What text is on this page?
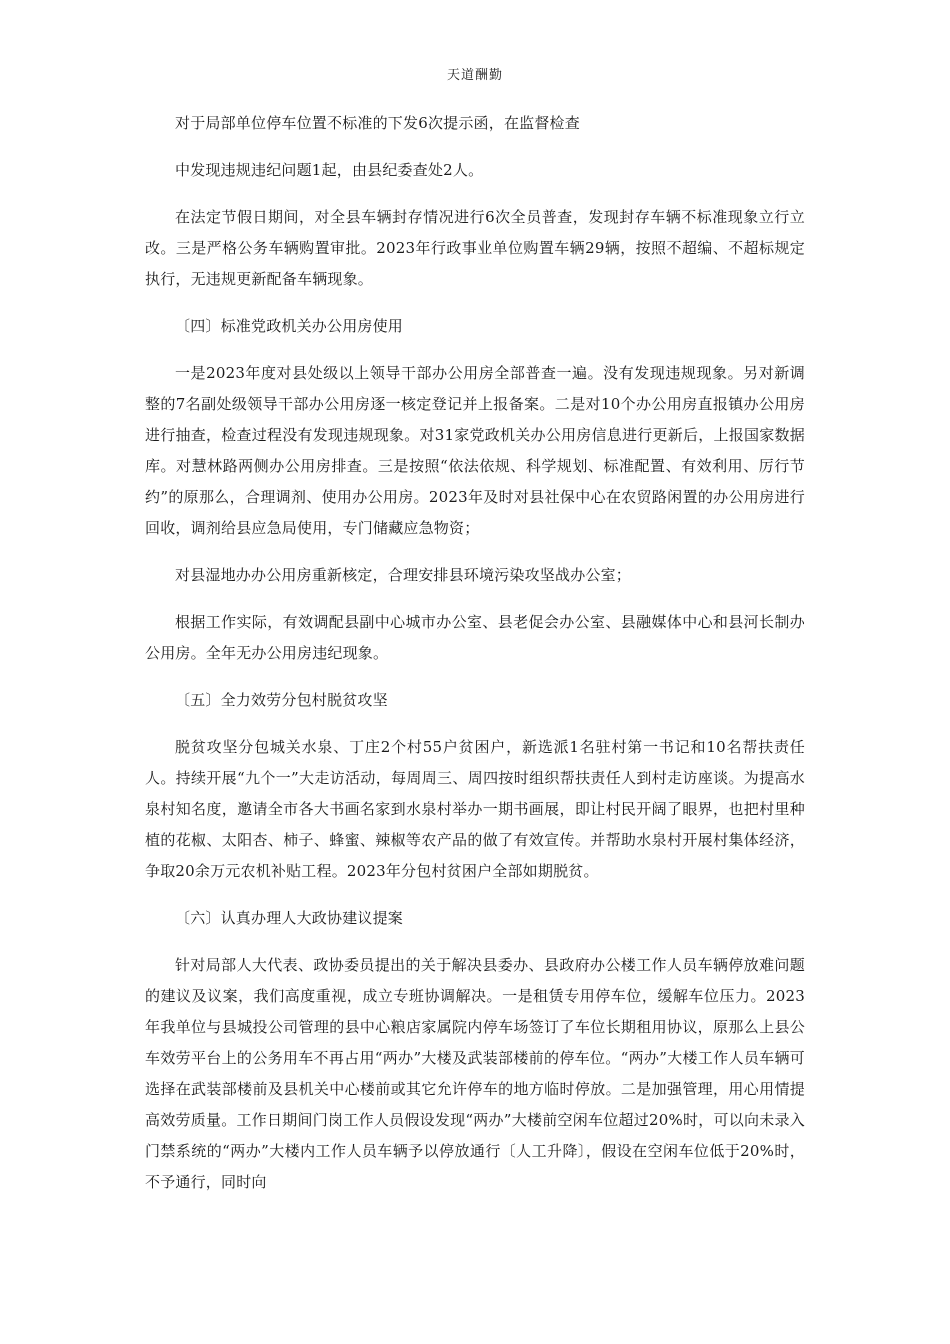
天道酬勤

对于局部单位停车位置不标准的下发6次提示函，在监督检查

中发现违规违纪问题1起，由县纪委查处2人。

在法定节假日期间，对全县车辆封存情况进行6次全员普查，发现封存车辆不标准现象立行立改。三是严格公务车辆购置审批。2023年行政事业单位购置车辆29辆，按照不超编、不超标规定执行，无违规更新配备车辆现象。

〔四〕标准党政机关办公用房使用

一是2023年度对县处级以上领导干部办公用房全部普查一遍。没有发现违规现象。另对新调整的7名副处级领导干部办公用房逐一核定登记并上报备案。二是对10个办公用房直报镇办公用房进行抽查，检查过程没有发现违规现象。对31家党政机关办公用房信息进行更新后，上报国家数据库。对慧林路两侧办公用房排查。三是按照“依法依规、科学规划、标准配置、有效利用、厉行节约”的原那么，合理调剂、使用办公用房。2023年及时对县社保中心在农贸路闲置的办公用房进行回收，调剂给县应急局使用，专门储藏应急物资；

对县湿地办办公用房重新核定，合理安排县环境污染攻坚战办公室；

根据工作实际，有效调配县副中心城市办公室、县老促会办公室、县融媒体中心和县河长制办公用房。全年无办公用房违纪现象。

〔五〕全力效劳分包村脱贫攻坚

脱贫攻坚分包城关水泉、丁庄2个村55户贫困户，新选派1名驻村第一书记和10名帮扶责任人。持续开展“九个一”大走访活动，每周周三、周四按时组织帮扶责任人到村走访座谈。为提高水泉村知名度，邀请全市各大书画名家到水泉村举办一期书画展，即让村民开阔了眼界，也把村里种植的花椒、太阳杏、柿子、蜂蜜、辣椒等农产品的做了有效宣传。并帮助水泉村开展村集体经济，争取20余万元农机补贴工程。2023年分包村贫困户全部如期脱贫。

〔六〕认真办理人大政协建议提案

针对局部人大代表、政协委员提出的关于解决县委办、县政府办公楼工作人员车辆停放难问题的建议及议案，我们高度重视，成立专班协调解决。一是租赁专用停车位，缓解车位压力。2023年我单位与县城投公司管理的县中心粮店家属院内停车场签订了车位长期租用协议，原那么上县公车效劳平台上的公务用车不再占用“两办”大楼及武装部楼前的停车位。“两办”大楼工作人员车辆可选择在武装部楼前及县机关中心楼前或其它允许停车的地方临时停放。二是加强管理，用心用情提高效劳质量。工作日期间门岗工作人员假设发现“两办”大楼前空闲车位超过20%时，可以向未录入门禁系统的“两办”大楼内工作人员车辆予以停放通行〔人工升降〕，假设在空闲车位低于20%时，不予通行，同时向
